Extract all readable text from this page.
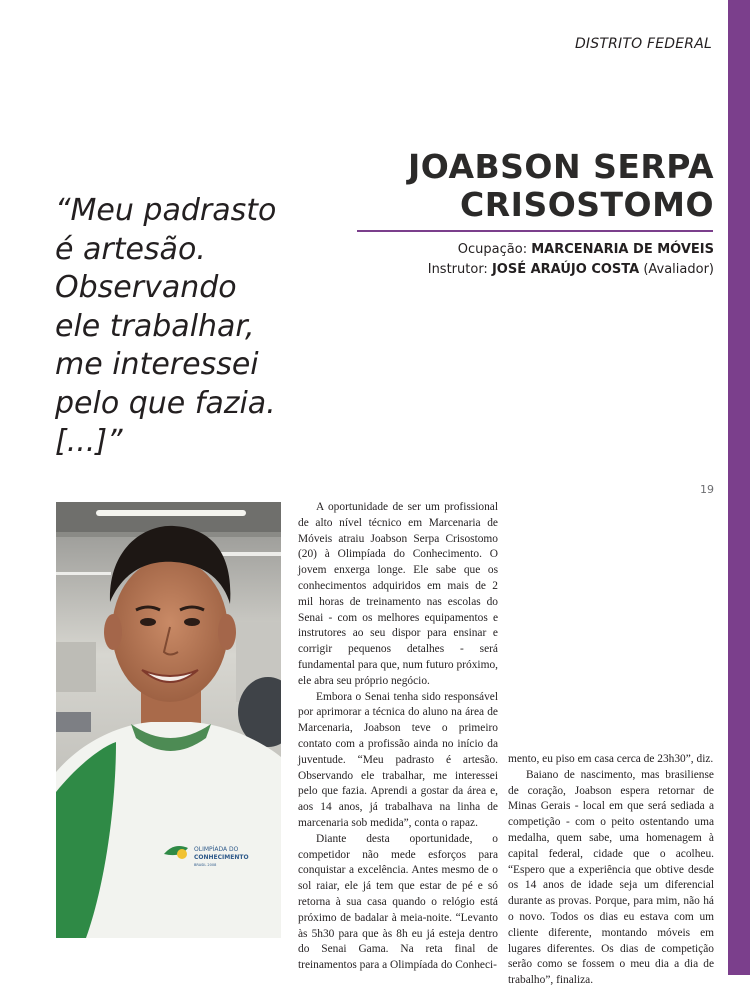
DISTRITO FEDERAL
JOABSON SERPA
CRISOSTOMO
Ocupação: MARCENARIA DE MÓVEIS
Instrutor: JOSÉ ARAÚJO COSTA (Avaliador)
“Meu padrasto
é artesão.
Observando
ele trabalhar,
me interessei
pelo que fazia.
[...]”
19
OLIMPÍADA DO
CONHECIMENTO
BRASIL 2008

A oportunidade de ser um profissional de alto nível técnico em Marcenaria de Móveis atraiu Joabson Serpa Crisostomo (20) à Olimpíada do Conhecimento. O jovem enxerga longe. Ele sabe que os conhecimentos adquiridos em mais de 2 mil horas de treinamento nas escolas do Senai - com os melhores equipamentos e instrutores ao seu dispor para ensinar e corrigir pequenos detalhes - será fundamental para que, num futuro próximo, ele abra seu próprio negócio.

Embora o Senai tenha sido responsável por aprimorar a técnica do aluno na área de Marcenaria, Joabson teve o primeiro contato com a profissão ainda no início da juventude. “Meu padrasto é artesão. Observando ele trabalhar, me interessei pelo que fazia. Aprendi a gostar da área e, aos 14 anos, já trabalhava na linha de marcenaria sob medida”, conta o rapaz.

Diante desta oportunidade, o competidor não mede esforços para conquistar a excelência. Antes mesmo de o sol raiar, ele já tem que estar de pé e só retorna à sua casa quando o relógio está próximo de badalar à meia-noite. “Levanto às 5h30 para que às 8h eu já esteja dentro do Senai Gama. Na reta final de treinamentos para a Olimpíada do Conheci-

mento, eu piso em casa cerca de 23h30”, diz.

Baiano de nascimento, mas brasiliense de coração, Joabson espera retornar de Minas Gerais - local em que será sediada a competição - com o peito ostentando uma medalha, quem sabe, uma homenagem à capital federal, cidade que o acolheu. “Espero que a experiência que obtive desde os 14 anos de idade seja um diferencial durante as provas. Porque, para mim, não há o novo. Todos os dias eu estava com um cliente diferente, montando móveis em lugares diferentes. Os dias de competição serão como se fossem o meu dia a dia de trabalho”, finaliza.
